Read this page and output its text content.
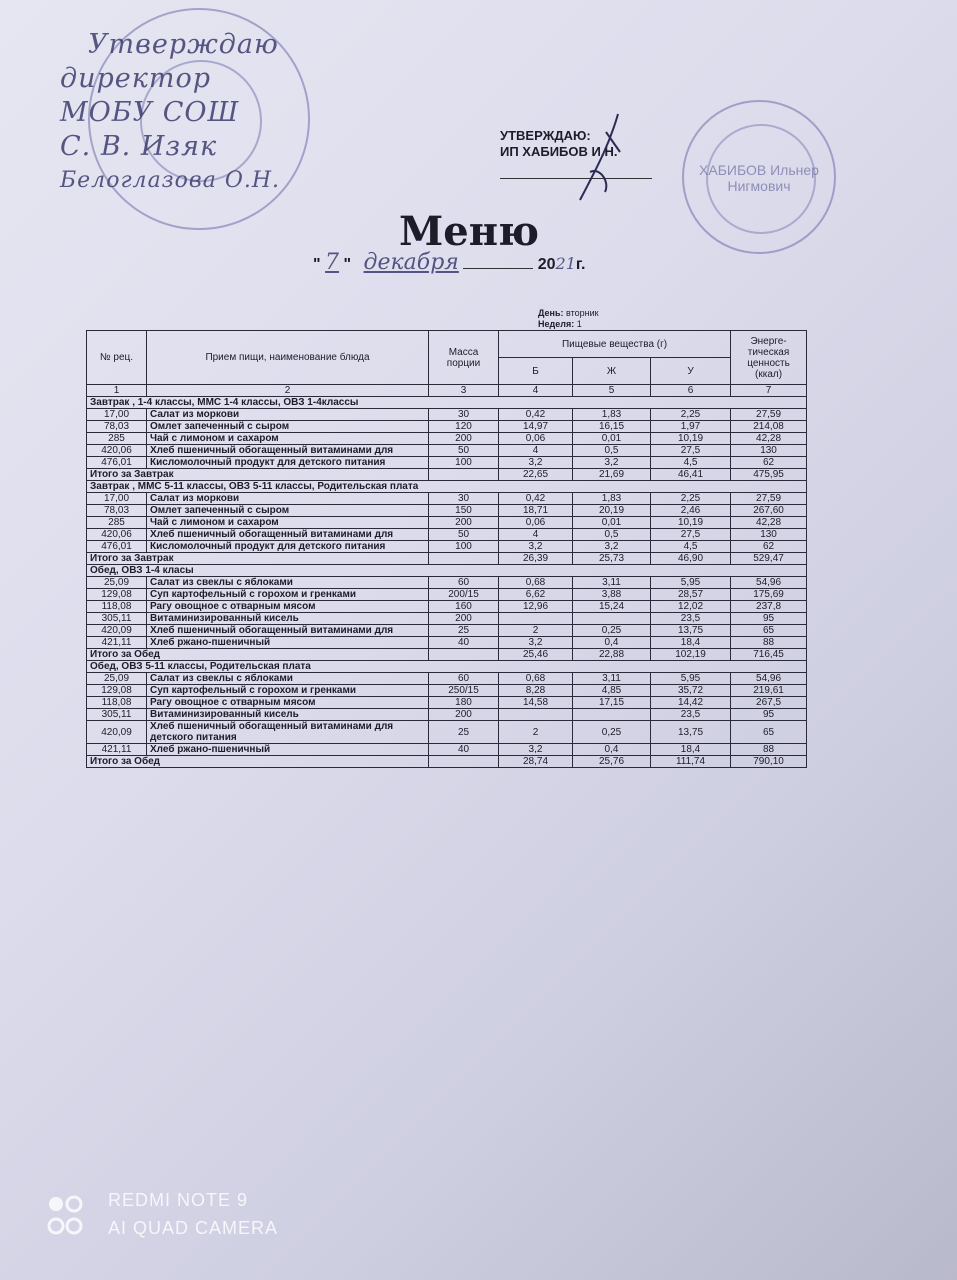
Утверждаю
директор
МОБУ СОШ
С. В. Изяк
Белоглазова О.Н.
УТВЕРЖДАЮ:
ИП ХАБИБОВ И.Н.
ХАБИБОВ Ильнер Нигмович
Меню
" 7 " декабря	2021г.
День: вторник
Неделя: 1
№ рец.	Прием пищи, наименование блюда	Масса порции	Пищевые вещества (г)			Энерге-тическая ценность (ккал)
			Б	Ж	У	
1	2	3	4	5	6	7
Завтрак , 1-4 классы, ММС 1-4 классы, ОВЗ 1-4классы						
17,00	Салат из моркови	30	0,42	1,83	2,25	27,59
78,03	Омлет запеченный с сыром	120	14,97	16,15	1,97	214,08
285	Чай с лимоном и сахаром	200	0,06	0,01	10,19	42,28
420,06	Хлеб пшеничный обогащенный витаминами для	50	4	0,5	27,5	130
476,01	Кисломолочный продукт для детского питания	100	3,2	3,2	4,5	62
Итого за Завтрак			22,65	21,69	46,41	475,95
Завтрак , ММС 5-11 классы, ОВЗ 5-11 классы, Родительская плата						
17,00	Салат из моркови	30	0,42	1,83	2,25	27,59
78,03	Омлет запеченный с сыром	150	18,71	20,19	2,46	267,60
285	Чай с лимоном и сахаром	200	0,06	0,01	10,19	42,28
420,06	Хлеб пшеничный обогащенный витаминами для	50	4	0,5	27,5	130
476,01	Кисломолочный продукт для детского питания	100	3,2	3,2	4,5	62
Итого за Завтрак			26,39	25,73	46,90	529,47
Обед, ОВЗ 1-4 класы						
25,09	Салат из свеклы с яблоками	60	0,68	3,11	5,95	54,96
129,08	Суп картофельный с горохом и гренками	200/15	6,62	3,88	28,57	175,69
118,08	Рагу овощное с отварным мясом	160	12,96	15,24	12,02	237,8
305,11	Витаминизированный кисель	200			23,5	95
420,09	Хлеб пшеничный обогащенный витаминами для	25	2	0,25	13,75	65
421,11	Хлеб ржано-пшеничный	40	3,2	0,4	18,4	88
Итого за Обед			25,46	22,88	102,19	716,45
Обед, ОВЗ 5-11 классы, Родительская плата						
25,09	Салат из свеклы с яблоками	60	0,68	3,11	5,95	54,96
129,08	Суп картофельный с горохом и гренками	250/15	8,28	4,85	35,72	219,61
118,08	Рагу овощное с отварным мясом	180	14,58	17,15	14,42	267,5
305,11	Витаминизированный кисель	200			23,5	95
420,09	Хлеб пшеничный обогащенный витаминами для детского питания	25	2	0,25	13,75	65
421,11	Хлеб ржано-пшеничный	40	3,2	0,4	18,4	88
Итого за Обед			28,74	25,76	111,74	790,10
REDMI NOTE 9
AI QUAD CAMERA
